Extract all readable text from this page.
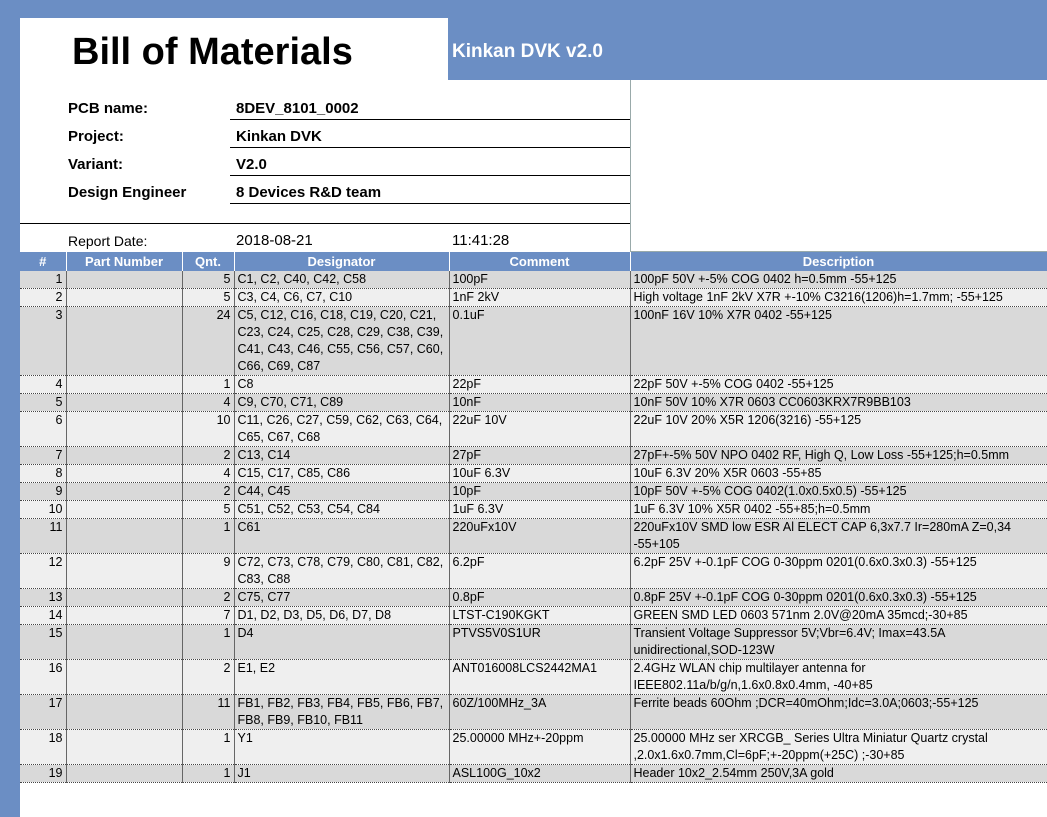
Bill of Materials	Kinkan DVK v2.0
PCB name:	8DEV_8101_0002
Project:	Kinkan DVK
Variant:	V2.0
Design Engineer	8 Devices R&D team
Report Date:	2018-08-21	11:41:28
#	Part Number	Qnt.	Designator	Comment	Description
1		5	C1, C2, C40, C42, C58	100pF	100pF 50V +-5% COG 0402 h=0.5mm -55+125
2		5	C3, C4, C6, C7, C10	1nF 2kV	High voltage 1nF 2kV X7R +-10% C3216(1206)h=1.7mm; -55+125
3		24	C5, C12, C16, C18, C19, C20, C21, C23, C24, C25, C28, C29, C38, C39, C41, C43, C46, C55, C56, C57, C60, C66, C69, C87	0.1uF	100nF 16V 10% X7R 0402 -55+125
4		1	C8	22pF	22pF 50V +-5% COG 0402 -55+125
5		4	C9, C70, C71, C89	10nF	10nF 50V 10% X7R 0603 CC0603KRX7R9BB103
6		10	C11, C26, C27, C59, C62, C63, C64, C65, C67, C68	22uF 10V	22uF 10V 20% X5R 1206(3216) -55+125
7		2	C13, C14	27pF	27pF+-5% 50V NPO 0402 RF, High Q, Low Loss -55+125;h=0.5mm
8		4	C15, C17, C85, C86	10uF 6.3V	10uF 6.3V 20% X5R 0603 -55+85
9		2	C44, C45	10pF	10pF 50V +-5% COG 0402(1.0x0.5x0.5) -55+125
10		5	C51, C52, C53, C54, C84	1uF 6.3V	1uF 6.3V 10% X5R 0402 -55+85;h=0.5mm
11		1	C61	220uFx10V	220uFx10V SMD low ESR Al ELECT CAP 6,3x7.7 Ir=280mA Z=0,34 -55+105
12		9	C72, C73, C78, C79, C80, C81, C82, C83, C88	6.2pF	6.2pF 25V +-0.1pF COG 0-30ppm 0201(0.6x0.3x0.3) -55+125
13		2	C75, C77	0.8pF	0.8pF 25V +-0.1pF COG 0-30ppm 0201(0.6x0.3x0.3) -55+125
14		7	D1, D2, D3, D5, D6, D7, D8	LTST-C190KGKT	GREEN SMD LED 0603 571nm 2.0V@20mA 35mcd;-30+85
15		1	D4	PTVS5V0S1UR	Transient Voltage Suppressor 5V;Vbr=6.4V; Imax=43.5A unidirectional,SOD-123W
16		2	E1, E2	ANT016008LCS2442MA1	2.4GHz WLAN chip multilayer antenna for IEEE802.11a/b/g/n,1.6x0.8x0.4mm, -40+85
17		11	FB1, FB2, FB3, FB4, FB5, FB6, FB7, FB8, FB9, FB10, FB11	60Z/100MHz_3A	Ferrite beads 60Ohm ;DCR=40mOhm;Idc=3.0A;0603;-55+125
18		1	Y1	25.00000 MHz+-20ppm	25.00000 MHz ser XRCGB_ Series Ultra Miniatur Quartz crystal ,2.0x1.6x0.7mm,Cl=6pF;+-20ppm(+25C) ;-30+85
19		1	J1	ASL100G_10x2	Header 10x2_2.54mm 250V,3A gold
